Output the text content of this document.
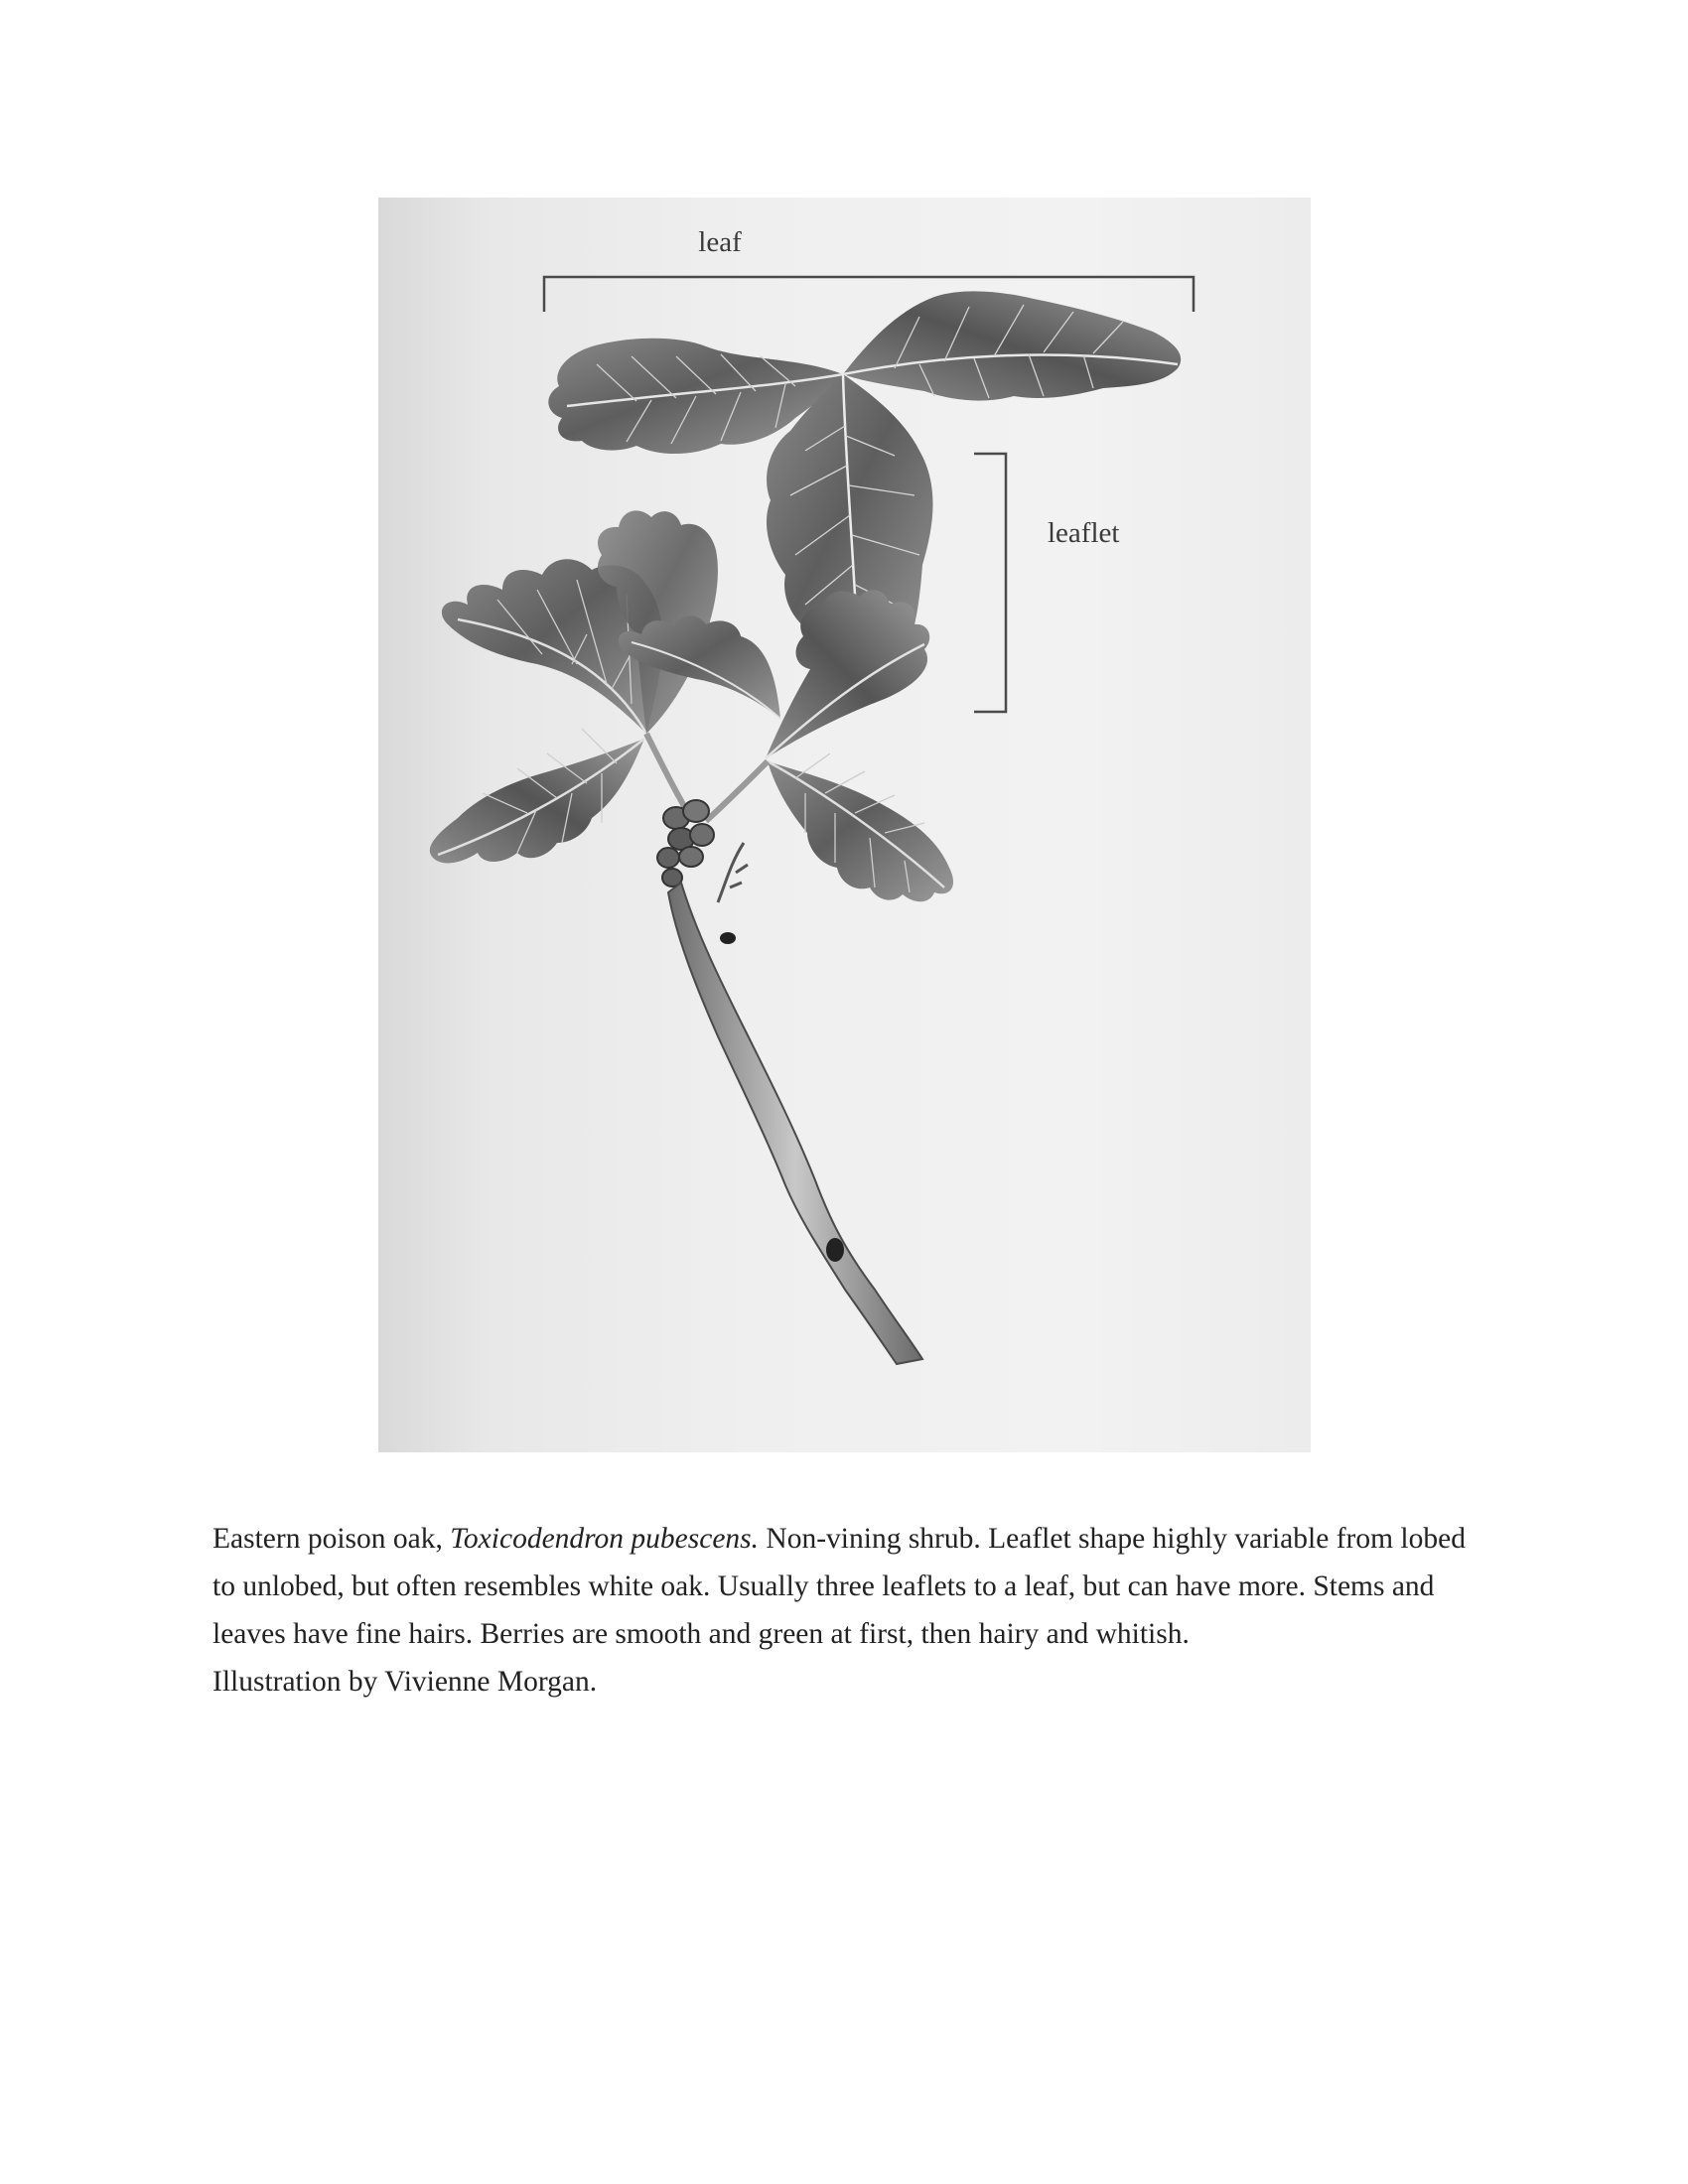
leaf
leaflet

Eastern poison oak, Toxicodendron pubescens. Non-vining shrub. Leaflet shape highly variable from lobed to unlobed, but often resembles white oak. Usually three leaflets to a leaf, but can have more. Stems and leaves have fine hairs. Berries are smooth and green at first, then hairy and whitish.
Illustration by Vivienne Morgan.
